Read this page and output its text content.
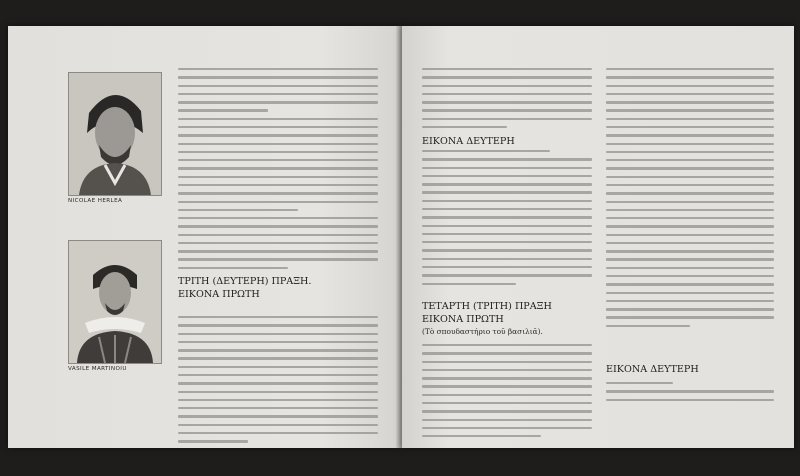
NICOLAE HERLEA
VASILE MARTINOIU
ΤΡΙΤΗ (ΔΕΥΤΕΡΗ) ΠΡΑΞΗ.
ΕΙΚΟΝΑ ΠΡΩΤΗ
ΕΙΚΟΝΑ ΔΕΥΤΕΡΗ
ΤΕΤΑΡΤΗ (ΤΡΙΤΗ) ΠΡΑΞΗ
ΕΙΚΟΝΑ ΠΡΩΤΗ
(Τὸ σπουδαστήριο τοῦ βασιλιᾶ).
ΕΙΚΟΝΑ ΔΕΥΤΕΡΗ
